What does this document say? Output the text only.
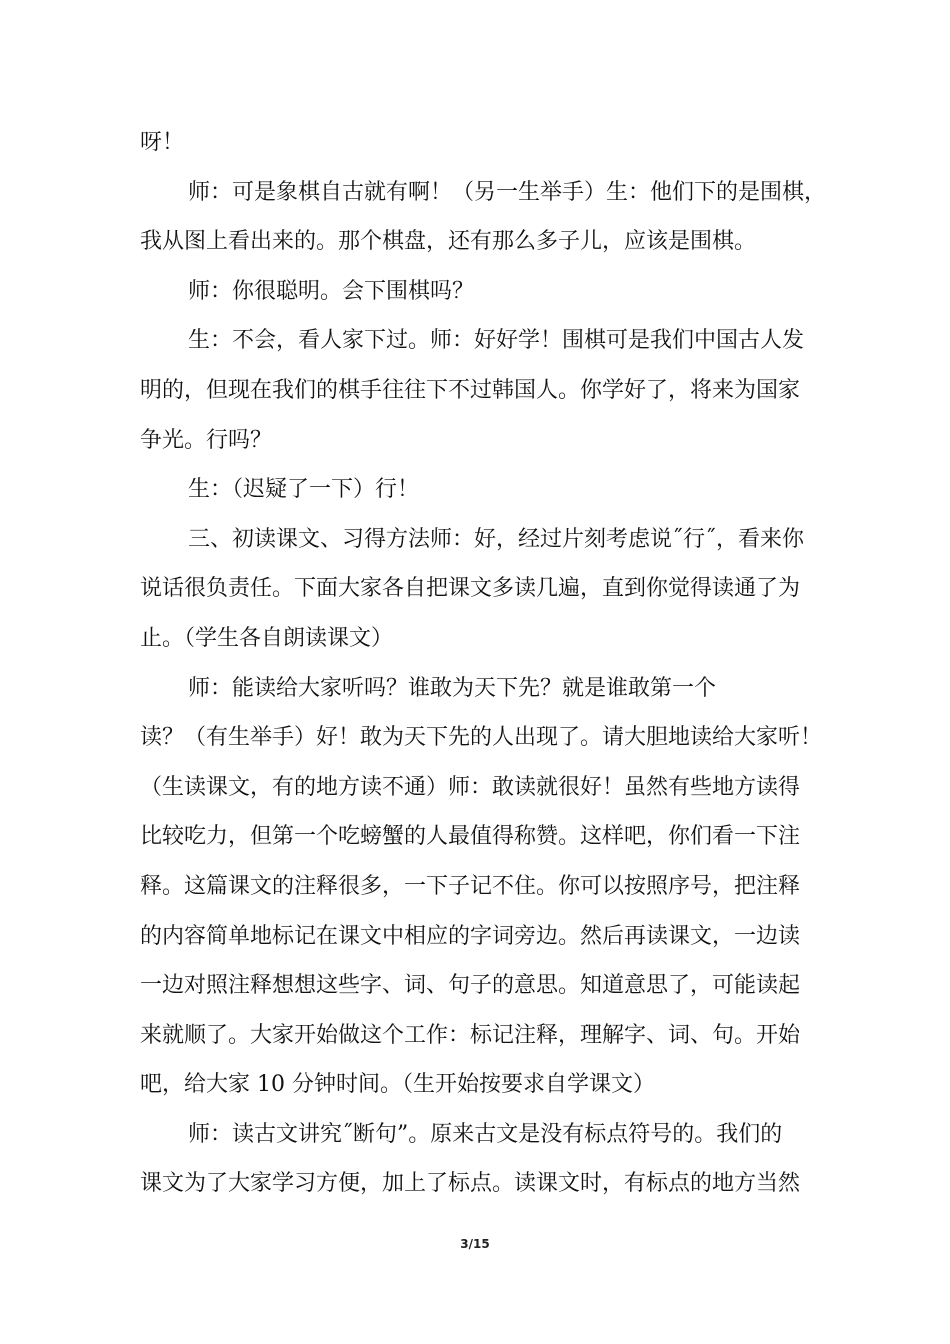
呀！
师：可是象棋自古就有啊！（另一生举手）生：他们下的是围棋，
我从图上看出来的。那个棋盘，还有那么多子儿，应该是围棋。
师：你很聪明。会下围棋吗？
生：不会，看人家下过。师：好好学！围棋可是我们中国古人发
明的，但现在我们的棋手往往下不过韩国人。你学好了，将来为国家
争光。行吗？
生：（迟疑了一下）行！
三、初读课文、习得方法师：好，经过片刻考虑说˝行˝，看来你
说话很负责任。下面大家各自把课文多读几遍，直到你觉得读通了为
止。（学生各自朗读课文）
师：能读给大家听吗？谁敢为天下先？就是谁敢第一个
读？（有生举手）好！敢为天下先的人出现了。请大胆地读给大家听！
（生读课文，有的地方读不通）师：敢读就很好！虽然有些地方读得
比较吃力，但第一个吃螃蟹的人最值得称赞。这样吧，你们看一下注
释。这篇课文的注释很多，一下子记不住。你可以按照序号，把注释
的内容简单地标记在课文中相应的字词旁边。然后再读课文，一边读
一边对照注释想想这些字、词、句子的意思。知道意思了，可能读起
来就顺了。大家开始做这个工作：标记注释，理解字、词、句。开始
吧，给大家 10 分钟时间。（生开始按要求自学课文）
师：读古文讲究˝断句”。原来古文是没有标点符号的。我们的
课文为了大家学习方便，加上了标点。读课文时，有标点的地方当然
3/15
